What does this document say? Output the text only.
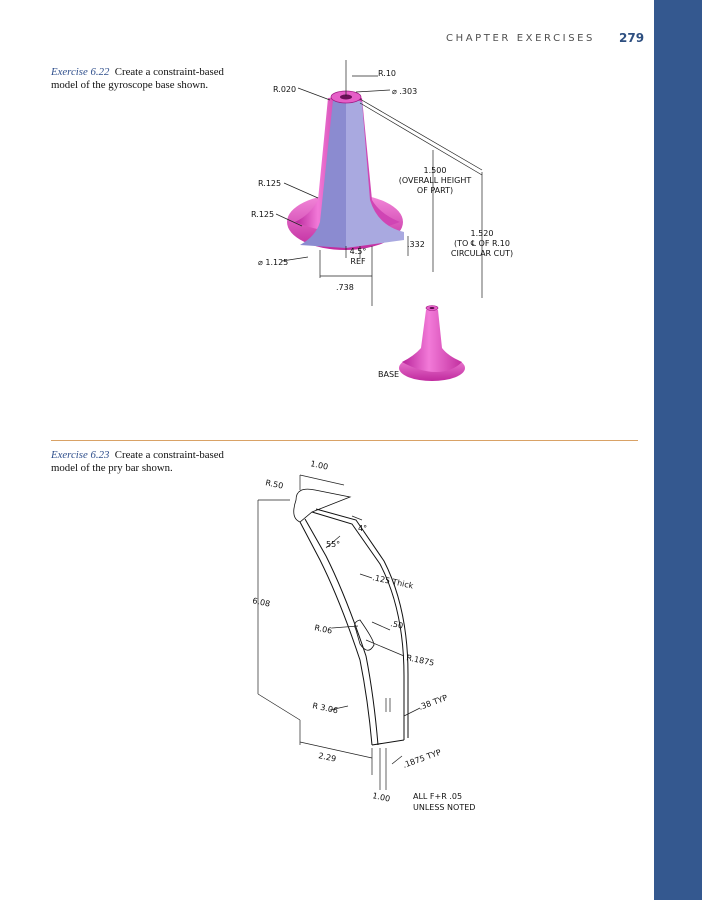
CHAPTER EXERCISES 279
Exercise 6.22 Create a constraint-based model of the gyroscope base shown.
Exercise 6.23 Create a constraint-based model of the pry bar shown.
R.10
⌀ .303
R.020
1.500
(OVERALL HEIGHT
OF PART)
R.125
R.125
.332
1.520
(TO ℄ OF R.10
CIRCULAR CUT)
4.5°
REF
⌀ 1.125
.738
BASE
1.00
R.50
4°
55°
.125 Thick
6.08
R.06	.50
R.1875
R 3.06	.38 TYP
2.29	.1875 TYP
1.00	ALL F+R .05
UNLESS NOTED
